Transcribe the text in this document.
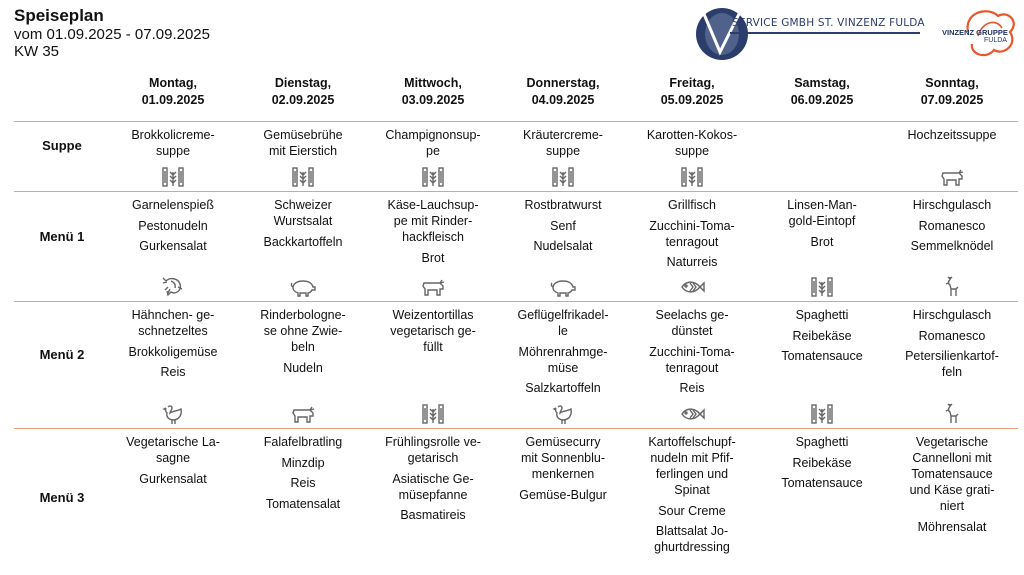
Speiseplan
vom 01.09.2025 - 07.09.2025
KW 35
SERVICE GMBH ST. VINZENZ FULDA
VINZENZ GRUPPE
FULDA
Montag,
01.09.2025
Dienstag,
02.09.2025
Mittwoch,
03.09.2025
Donnerstag,
04.09.2025
Freitag,
05.09.2025
Samstag,
06.09.2025
Sonntag,
07.09.2025
Suppe
Brokkolicreme-
suppe
Gemüsebrühe
mit Eierstich
Champignonsup-
pe
Kräutercreme-
suppe
Karotten-Kokos-
suppe
Hochzeitssuppe
Menü 1
Garnelenspieß
Pestonudeln
Gurkensalat
Schweizer
Wurstsalat
Backkartoffeln
Käse-Lauchsup-
pe mit Rinder-
hackfleisch
Brot
Rostbratwurst
Senf
Nudelsalat
Grillfisch
Zucchini-Toma-
tenragout
Naturreis
Linsen-Man-
gold-Eintopf
Brot
Hirschgulasch
Romanesco
Semmelknödel
Menü 2
Hähnchen- ge-
schnetzeltes
Brokkoligemüse
Reis
Rinderbologne-
se ohne Zwie-
beln
Nudeln
Weizentortillas
vegetarisch ge-
füllt
Geflügelfrikadel-
le
Möhrenrahmge-
müse
Salzkartoffeln
Seelachs ge-
dünstet
Zucchini-Toma-
tenragout
Reis
Spaghetti
Reibekäse
Tomatensauce
Hirschgulasch
Romanesco
Petersilienkartof-
feln
Menü 3
Vegetarische La-
sagne
Gurkensalat
Falafelbratling
Minzdip
Reis
Tomatensalat
Frühlingsrolle ve-
getarisch
Asiatische Ge-
müsepfanne
Basmatireis
Gemüsecurry
mit Sonnenblu-
menkernen
Gemüse-Bulgur
Kartoffelschupf-
nudeln mit Pfif-
ferlingen und
Spinat
Sour Creme
Blattsalat Jo-
ghurtdressing
Spaghetti
Reibekäse
Tomatensauce
Vegetarische
Cannelloni mit
Tomatensauce
und Käse grati-
niert
Möhrensalat
